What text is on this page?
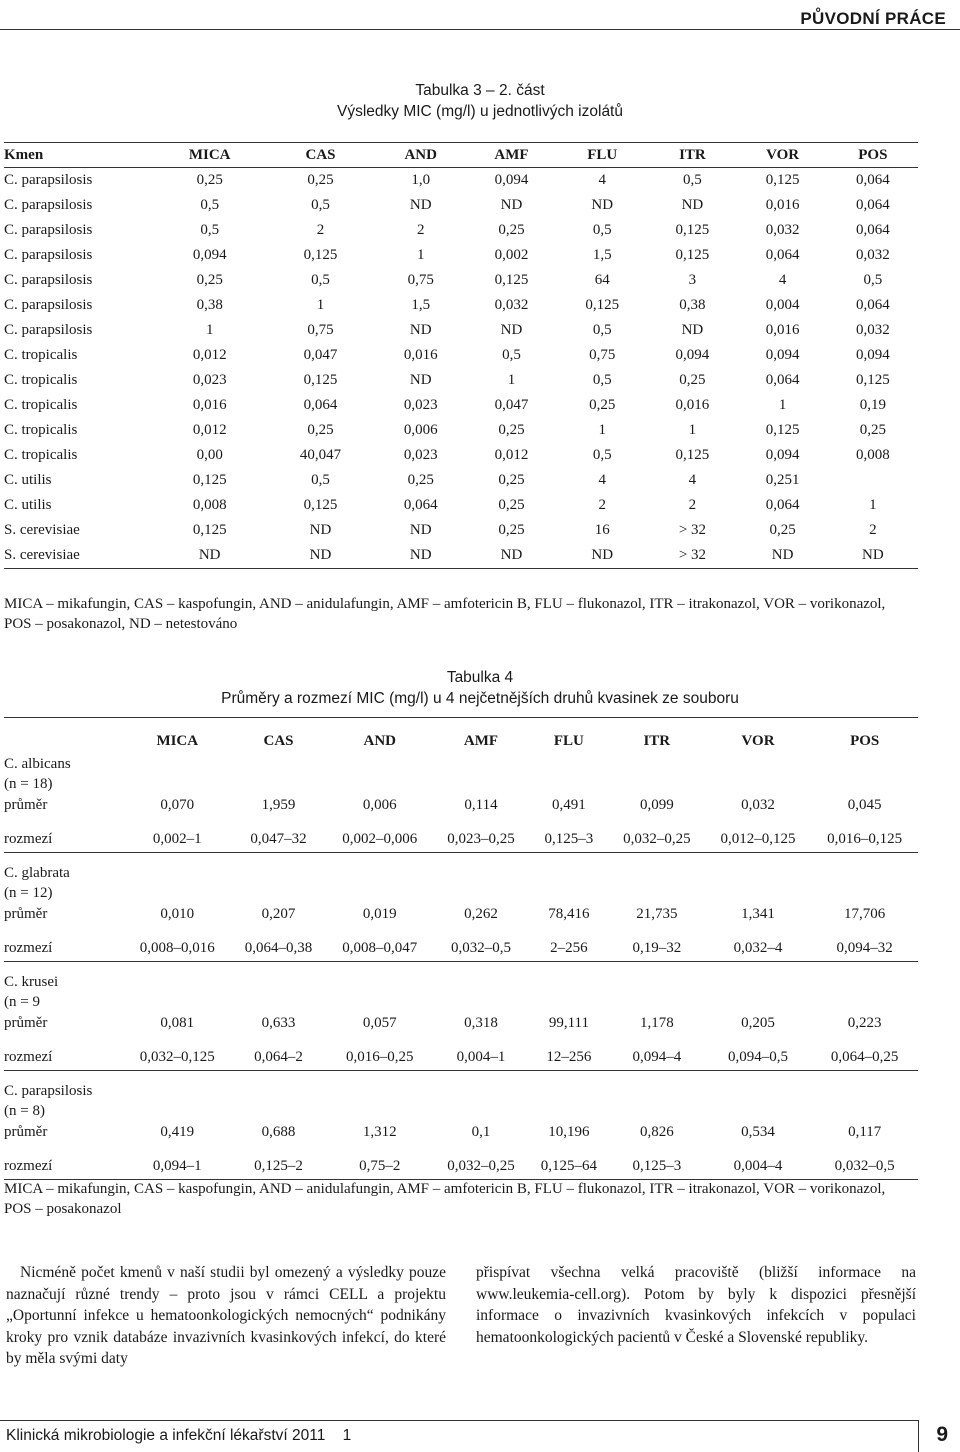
PŮVODNÍ PRÁCE
Tabulka 3 – 2. část
Výsledky MIC (mg/l) u jednotlivých izolátů
Kmen	MICA	CAS	AND	AMF	FLU	ITR	VOR	POS
C. parapsilosis	0,25	0,25	1,0	0,094	4	0,5	0,125	0,064
C. parapsilosis	0,5	0,5	ND	ND	ND	ND	0,016	0,064
C. parapsilosis	0,5	2	2	0,25	0,5	0,125	0,032	0,064
C. parapsilosis	0,094	0,125	1	0,002	1,5	0,125	0,064	0,032
C. parapsilosis	0,25	0,5	0,75	0,125	64	3	4	0,5
C. parapsilosis	0,38	1	1,5	0,032	0,125	0,38	0,004	0,064
C. parapsilosis	1	0,75	ND	ND	0,5	ND	0,016	0,032
C. tropicalis	0,012	0,047	0,016	0,5	0,75	0,094	0,094	0,094
C. tropicalis	0,023	0,125	ND	1	0,5	0,25	0,064	0,125
C. tropicalis	0,016	0,064	0,023	0,047	0,25	0,016	1	0,19
C. tropicalis	0,012	0,25	0,006	0,25	1	1	0,125	0,25
C. tropicalis	0,00	40,047	0,023	0,012	0,5	0,125	0,094	0,008
C. utilis	0,125	0,5	0,25	0,25	4	4	0,251	
C. utilis	0,008	0,125	0,064	0,25	2	2	0,064	1
S. cerevisiae	0,125	ND	ND	0,25	16	> 32	0,25	2
S. cerevisiae	ND	ND	ND	ND	ND	> 32	ND	ND
MICA – mikafungin, CAS – kaspofungin, AND – anidulafungin, AMF – amfotericin B, FLU – flukonazol, ITR – itrakonazol, VOR – vorikonazol, POS – posakonazol, ND – netestováno
Tabulka 4
Průměry a rozmezí MIC (mg/l) u 4 nejčetnějších druhů kvasinek ze souboru
	MICA	CAS	AND	AMF	FLU	ITR	VOR	POS
C. albicans								
(n = 18)								
průměr	0,070	1,959	0,006	0,114	0,491	0,099	0,032	0,045

rozmezí	0,002–1	0,047–32	0,002–0,006	0,023–0,25	0,125–3	0,032–0,25	0,012–0,125	0,016–0,125

C. glabrata								
(n = 12)								
průměr	0,010	0,207	0,019	0,262	78,416	21,735	1,341	17,706

rozmezí	0,008–0,016	0,064–0,38	0,008–0,047	0,032–0,5	2–256	0,19–32	0,032–4	0,094–32

C. krusei								
(n = 9								
průměr	0,081	0,633	0,057	0,318	99,111	1,178	0,205	0,223

rozmezí	0,032–0,125	0,064–2	0,016–0,25	0,004–1	12–256	0,094–4	0,094–0,5	0,064–0,25

C. parapsilosis								
(n = 8)								
průměr	0,419	0,688	1,312	0,1	10,196	0,826	0,534	0,117

rozmezí	0,094–1	0,125–2	0,75–2	0,032–0,25	0,125–64	0,125–3	0,004–4	0,032–0,5
MICA – mikafungin, CAS – kaspofungin, AND – anidulafungin, AMF – amfotericin B, FLU – flukonazol, ITR – itrakonazol, VOR – vorikonazol, POS – posakonazol
Nicméně počet kmenů v naší studii byl omezený a výsledky pouze naznačují různé trendy – proto jsou v rámci CELL a projektu „Oportunní infekce u hematoonkologických nemocných“ podnikány kroky pro vznik databáze invazivních kvasinkových infekcí, do které by měla svými daty
přispívat všechna velká pracoviště (bližší informace na www.leukemia-cell.org). Potom by byly k dispozici přesnější informace o invazivních kvasinkových infekcích v populaci hematoonkologických pacientů v České a Slovenské republiky.
Klinická mikrobiologie a infekční lékařství 2011    1	9
